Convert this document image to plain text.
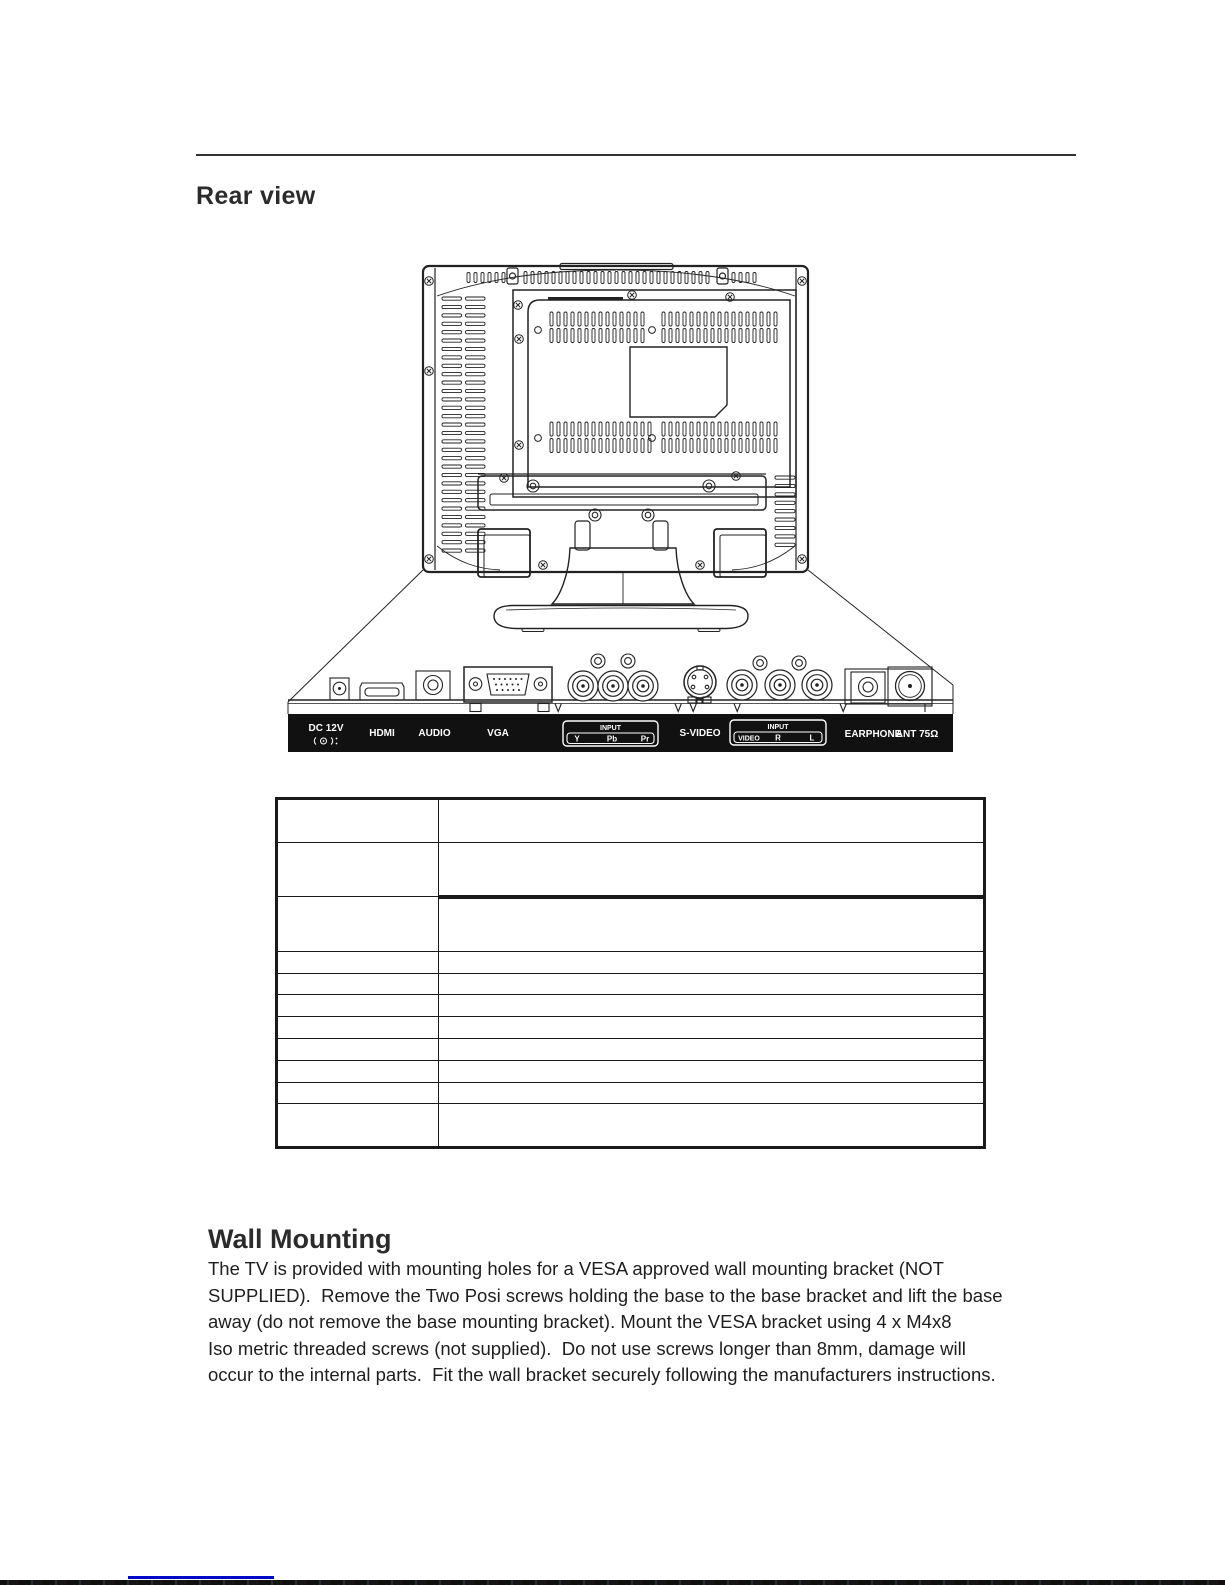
Rear view
DC 12V	HDMI AUDIO	VGA	INPUT
Y	Pb	Pr	S-VIDEO
INPUT
VIDEO R	L	EARPHONE
ANT 75Ω

Wall Mounting
The TV is provided with mounting holes for a VESA approved wall mounting bracket (NOT
SUPPLIED).  Remove the Two Posi screws holding the base to the base bracket and lift the base
away (do not remove the base mounting bracket). Mount the VESA bracket using 4 x M4x8
Iso metric threaded screws (not supplied).  Do not use screws longer than 8mm, damage will
occur to the internal parts.  Fit the wall bracket securely following the manufacturers instructions.
